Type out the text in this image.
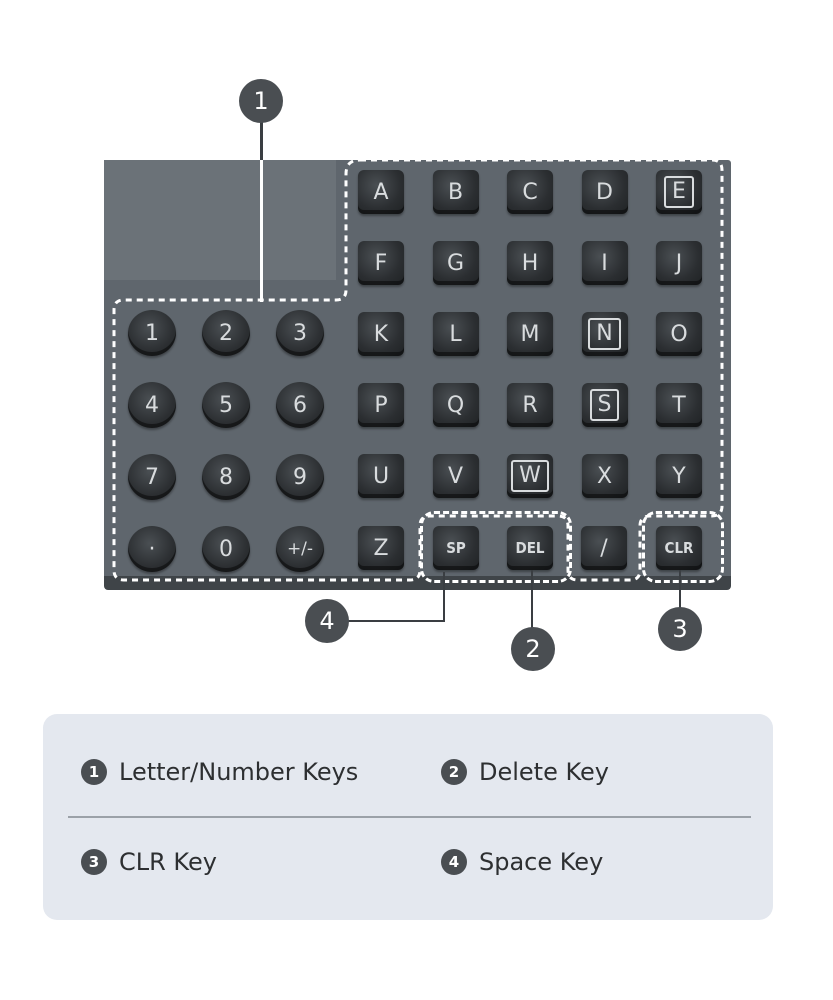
A	B	C	D	E
F	G	H	I	J
K	L	M	N	O
P	Q	R	S	T
U	V	W	X	Y
1	2	3
4	5	6
7	8	9
·	0	+/-	Z	SP	DEL	/	CLR
1
4
2
3
1 Letter/Number Keys	2 Delete Key
3 CLR Key	4 Space Key
